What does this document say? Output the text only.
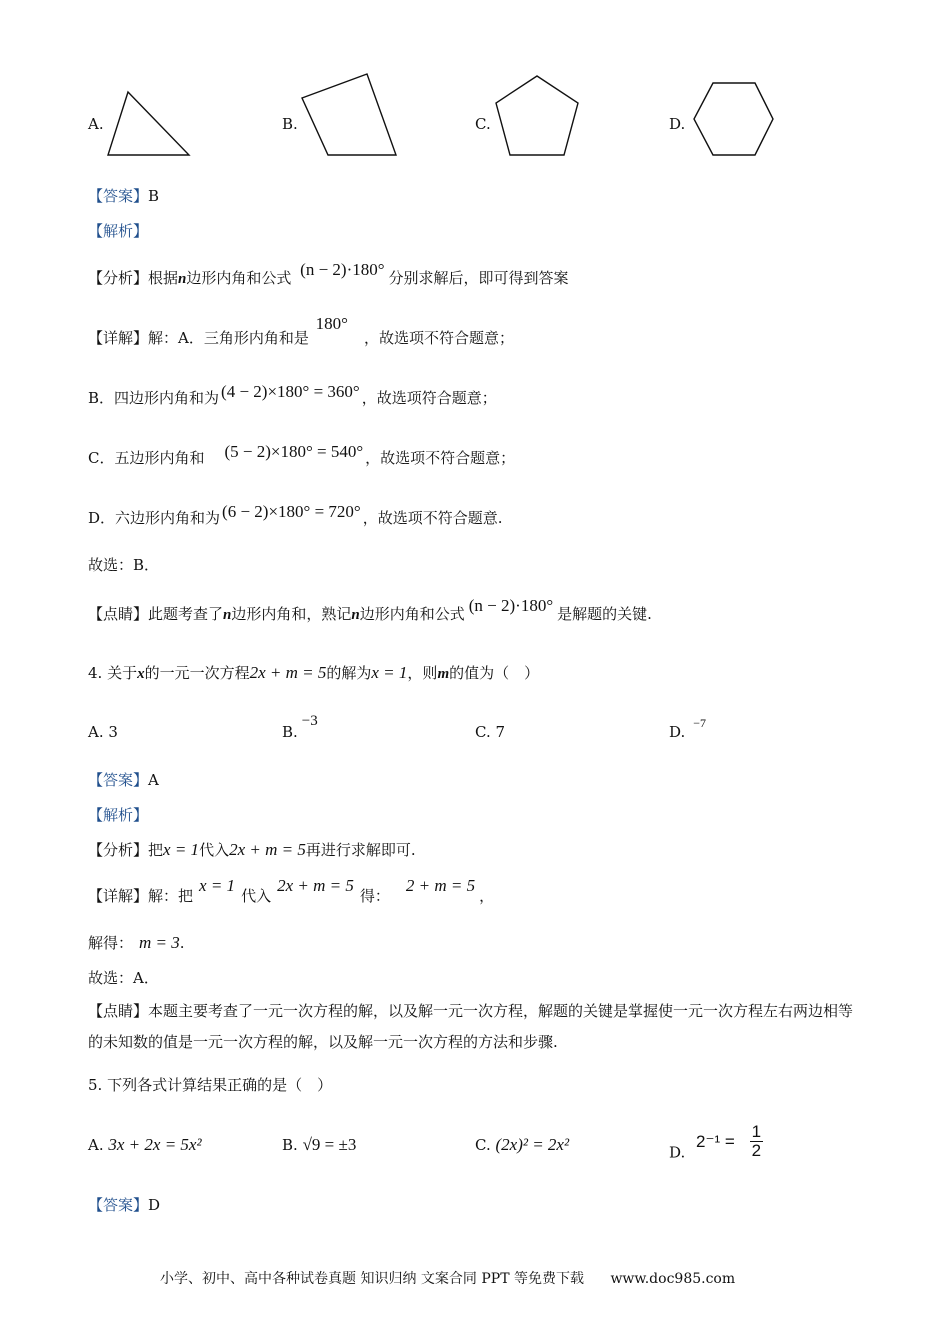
A.	B.	C.	D.
【答案】B
【解析】
【分析】根据n边形内角和公式 (n − 2)·180° 分别求解后，即可得到答案
【详解】解：A．三角形内角和是 180°，故选项不符合题意；
B．四边形内角和为 (4 − 2)×180° = 360° ，故选项符合题意；
C．五边形内角和 (5 − 2)×180° = 540° ，故选项不符合题意；
D．六边形内角和为 (6 − 2)×180° = 720° ，故选项不符合题意.
故选：B．
【点睛】此题考查了n边形内角和，熟记n边形内角和公式 (n − 2)·180° 是解题的关键.
4. 关于x的一元一次方程2x + m = 5的解为x = 1，则m的值为（　）
A. 3	B.−3
C. 7	D. $^{-7}$
【答案】A
【解析】
【分析】把x = 1代入2x + m = 5再进行求解即可.
【详解】解：把x = 1代入2x + m = 5得：2 + m = 5，
解得： m = 3.
故选：A．
【点睛】本题主要考查了一元一次方程的解，以及解一元一次方程，解题的关键是掌握使一元一次方程左右两边相等的未知数的值是一元一次方程的解，以及解一元一次方程的方法和步骤.
5. 下列各式计算结果正确的是（　）
A. 3x + 2x = 5x²	B. √9 = ±3	C. (2x)² = 2x²	D. $2^{-1} = \frac{1}{2}$
【答案】D
小学、初中、高中各种试卷真题 知识归纳 文案合同 PPT 等免费下载 www.doc985.com
